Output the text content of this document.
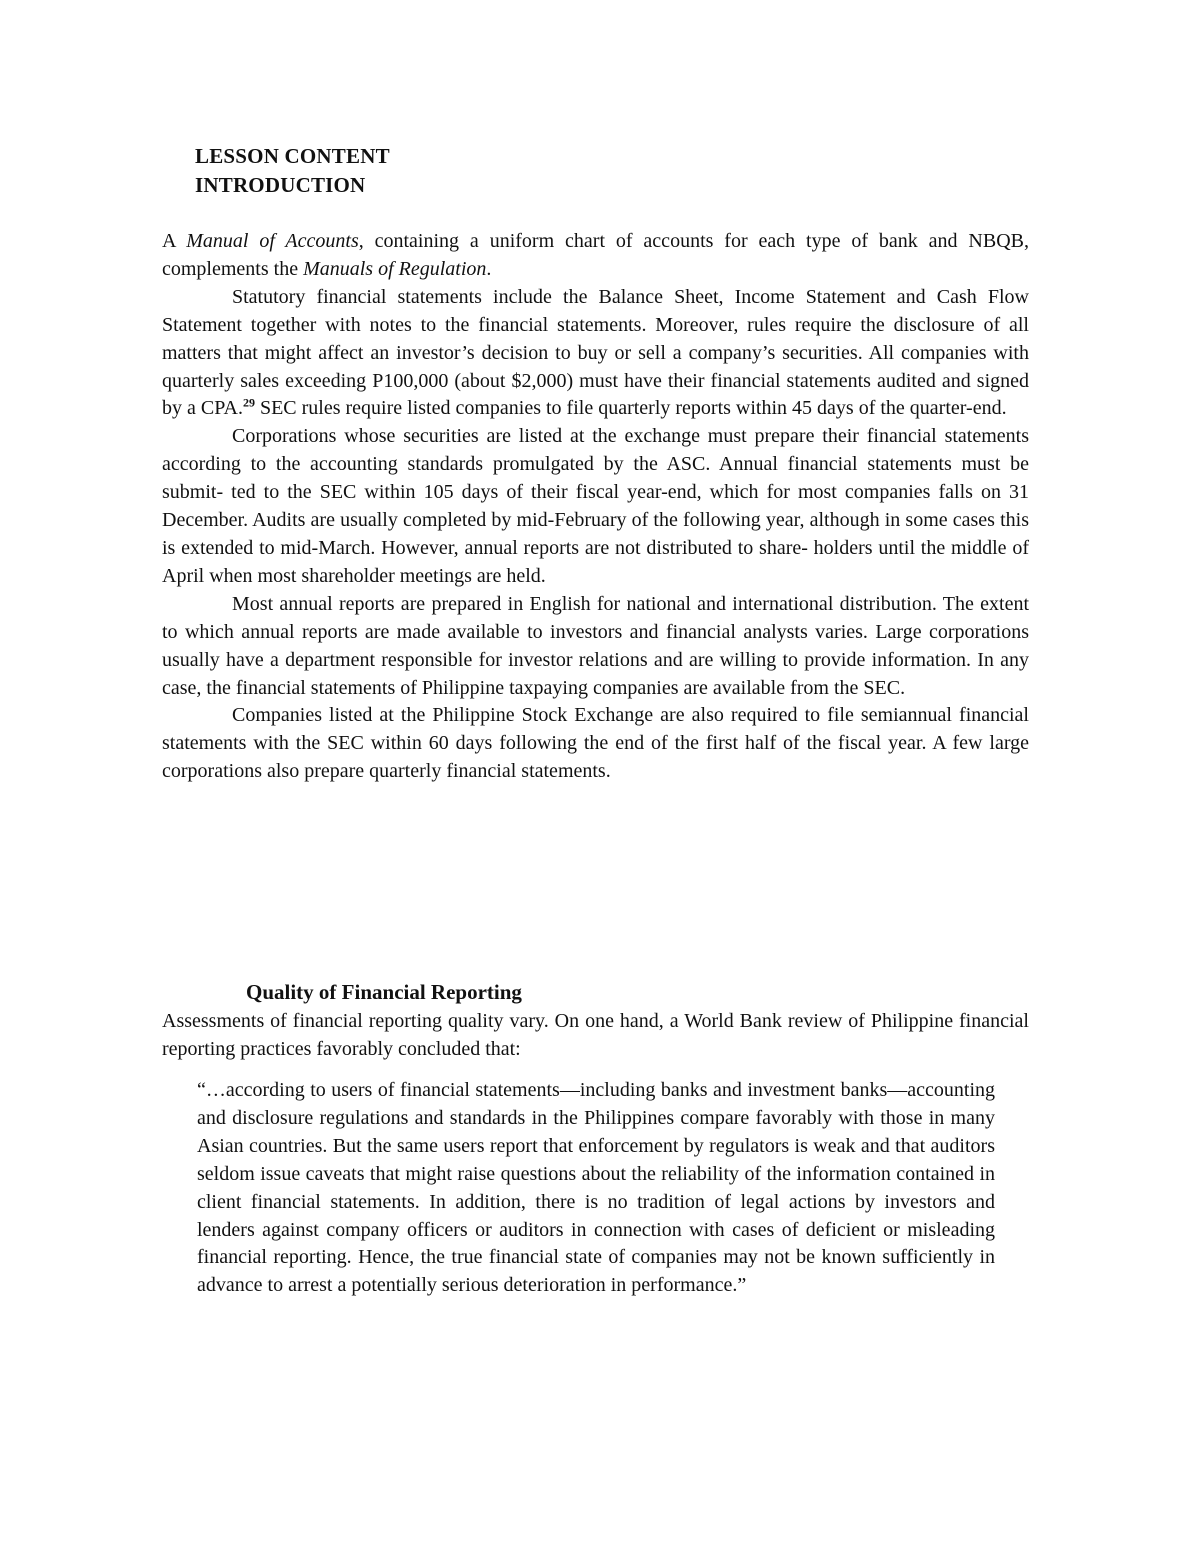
LESSON CONTENT
INTRODUCTION

A Manual of Accounts, containing a uniform chart of accounts for each type of bank and NBQB, complements the Manuals of Regulation.

Statutory financial statements include the Balance Sheet, Income Statement and Cash Flow Statement together with notes to the financial statements. Moreover, rules require the disclosure of all matters that might affect an investor’s decision to buy or sell a company’s securities. All companies with quarterly sales exceeding P100,000 (about $2,000) must have their financial statements audited and signed by a CPA.$^{29}$ SEC rules require listed companies to file quarterly reports within 45 days of the quarter-end.

Corporations whose securities are listed at the exchange must prepare their financial statements according to the accounting standards promulgated by the ASC. Annual financial statements must be submit- ted to the SEC within 105 days of their fiscal year-end, which for most companies falls on 31 December. Audits are usually completed by mid-February of the following year, although in some cases this is extended to mid-March. However, annual reports are not distributed to share- holders until the middle of April when most shareholder meetings are held.

Most annual reports are prepared in English for national and international distribution. The extent to which annual reports are made available to investors and financial analysts varies. Large corporations usually have a department responsible for investor relations and are willing to provide information. In any case, the financial statements of Philippine taxpaying companies are available from the SEC.

Companies listed at the Philippine Stock Exchange are also required to file semiannual financial statements with the SEC within 60 days following the end of the first half of the fiscal year. A few large corporations also prepare quarterly financial statements.

Quality of Financial Reporting

Assessments of financial reporting quality vary. On one hand, a World Bank review of Philippine financial reporting practices favorably concluded that:

“…according to users of financial statements—including banks and investment banks—accounting and disclosure regulations and standards in the Philippines compare favorably with those in many Asian countries. But the same users report that enforcement by regulators is weak and that auditors seldom issue caveats that might raise questions about the reliability of the information contained in client financial statements. In addition, there is no tradition of legal actions by investors and lenders against company officers or auditors in connection with cases of deficient or misleading financial reporting. Hence, the true financial state of companies may not be known sufficiently in advance to arrest a potentially serious deterioration in performance.”
